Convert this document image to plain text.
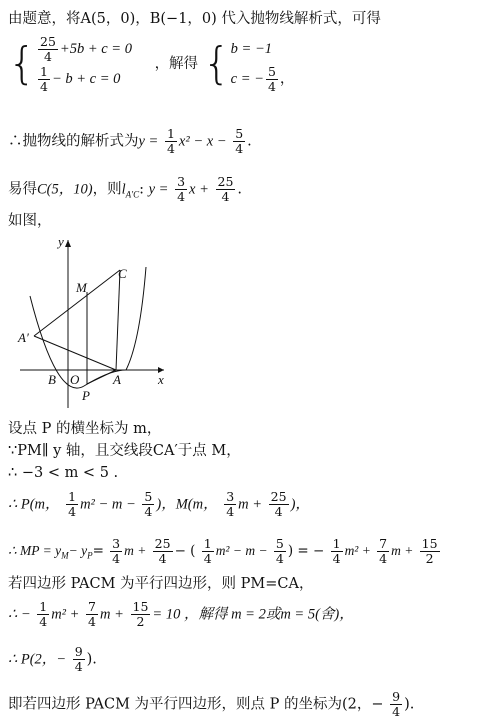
由题意，将A(5，0)，B(−1，0) 代入抛物线解析式，可得
{ $\frac{25}{4} +5b + c = 0$
$\frac{1}{4} - b + c = 0$
，解得 { b = −1
c = − $\frac{5}{4}$ ，
∴抛物线的解析式为$y = \frac{1}{4} x^2 - x - \frac{5}{4}$ .
易得C(5，10)，则$l_{A'C}$: $y = \frac{3}{4}$ $x + \frac{25}{4}$ .
如图，
y
x
C
M
A′
B O	A
P
设点 P 的横坐标为 m，
∵PM∥ y 轴，且交线段CA′于点 M，
∴ −3 < m < 5 .
∴ P(m， $\frac{1}{4} m^2 - m - \frac{5}{4}$ )，M(m， $\frac{3}{4}$ $m + \frac{25}{4}$ )，
∴ MP = $y_M- y_P= \frac{3}{4}$ $m + \frac{25}{4}$ − ( $\frac{1}{4} m^2 - m - \frac{5}{4}$ ) = − $\frac{1}{4} m^2 + \frac{7}{4}$ $m + \frac{15}{2}$
若四边形 PACM 为平行四边形，则 PM=CA，
∴ − $\frac{1}{4} m^2 + \frac{7}{4}$ $m + \frac{15}{2} = 10$ ，解得 m = 2或m = 5(舍)，
∴ P(2，− $\frac{9}{4}$ ).
即若四边形 PACM 为平行四边形，则点 P 的坐标为(2，− $\frac{9}{4}$ ).
